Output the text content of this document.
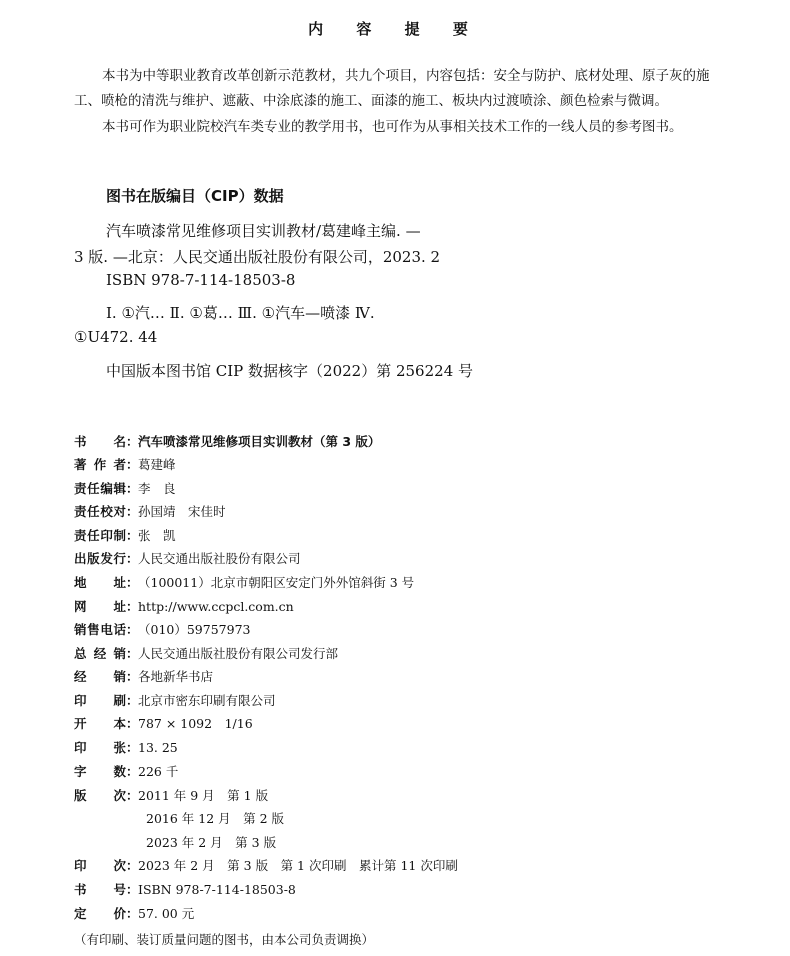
内 容 提 要

本书为中等职业教育改革创新示范教材，共九个项目，内容包括：安全与防护、底材处理、原子灰的施

工、喷枪的清洗与维护、遮蔽、中涂底漆的施工、面漆的施工、板块内过渡喷涂、颜色检索与微调。

本书可作为职业院校汽车类专业的教学用书，也可作为从事相关技术工作的一线人员的参考图书。

图书在版编目（CIP）数据
汽车喷漆常见维修项目实训教材/葛建峰主编. —
3 版. —北京：人民交通出版社股份有限公司，2023. 2
ISBN 978-7-114-18503-8
Ⅰ. ①汽… Ⅱ. ①葛… Ⅲ. ①汽车—喷漆 Ⅳ.
①U472. 44
中国版本图书馆 CIP 数据核字（2022）第 256224 号
书名：汽车喷漆常见维修项目实训教材（第 3 版）
著作者：葛建峰
责任编辑：李　良
责任校对：孙国靖　宋佳时
责任印制：张　凯
出版发行：人民交通出版社股份有限公司
地址：（100011）北京市朝阳区安定门外外馆斜街 3 号
网址：http://www.ccpcl.com.cn
销售电话：（010）59757973
总经销：人民交通出版社股份有限公司发行部
经销：各地新华书店
印刷：北京市密东印刷有限公司
开本：787 × 1092　1/16
印张：13. 25
字数：226 千
版次：2011 年 9 月　第 1 版
2016 年 12 月　第 2 版
2023 年 2 月　第 3 版
印次：2023 年 2 月　第 3 版　第 1 次印刷　累计第 11 次印刷
书号：ISBN 978-7-114-18503-8
定价：57. 00 元
（有印刷、装订质量问题的图书，由本公司负责调换）
